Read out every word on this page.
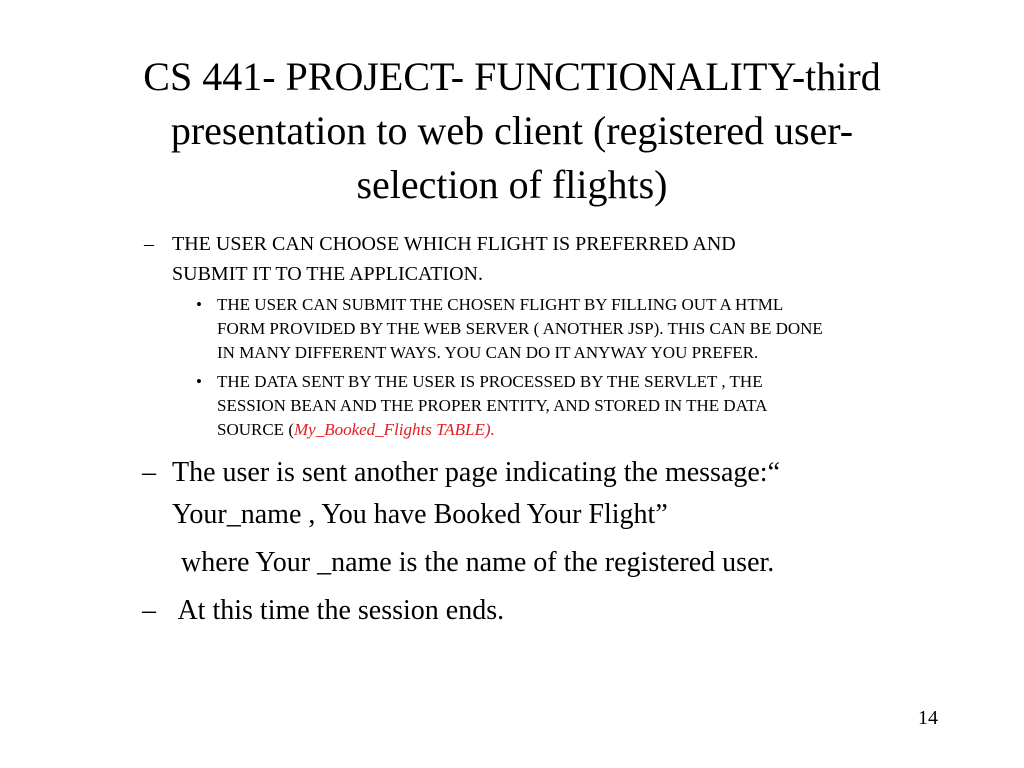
CS 441- PROJECT- FUNCTIONALITY-third
presentation to web client (registered user-
selection of flights)
– THE USER CAN CHOOSE WHICH FLIGHT IS PREFERRED AND
SUBMIT IT TO THE APPLICATION.
• THE USER CAN SUBMIT THE CHOSEN FLIGHT BY FILLING OUT A HTML
FORM PROVIDED BY THE WEB SERVER ( ANOTHER JSP). THIS CAN BE DONE
IN MANY DIFFERENT WAYS. YOU CAN DO IT ANYWAY YOU PREFER.
• THE DATA SENT BY THE USER IS PROCESSED BY THE SERVLET , THE
SESSION BEAN AND THE PROPER ENTITY, AND STORED IN THE DATA
SOURCE (My_Booked_Flights TABLE).
– The user is sent another page indicating the message:“
Your_name , You have Booked Your Flight”
where Your _name is the name of the registered user.
– At this time the session ends.
14
